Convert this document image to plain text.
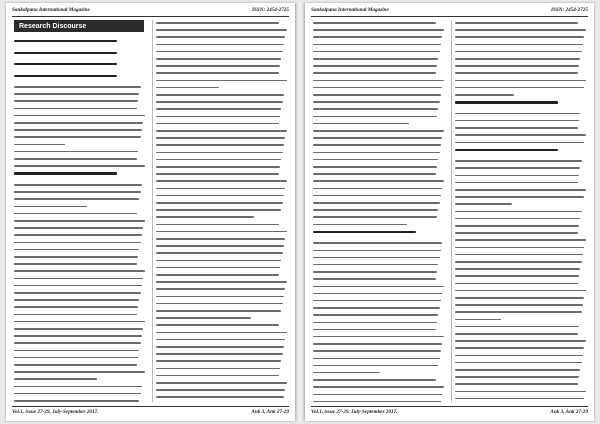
Sankalpana International Magazine	ISSN: 2454-2725
Research Discourse
Vol.1, issue 27-29, July-September 2017.	Ank 3, Ank 27-29
Sankalpana International Magazine	ISSN: 2454-2725
Vol.1, issue 27-29, July-September 2017.	Ank 3, Ank 27-29
